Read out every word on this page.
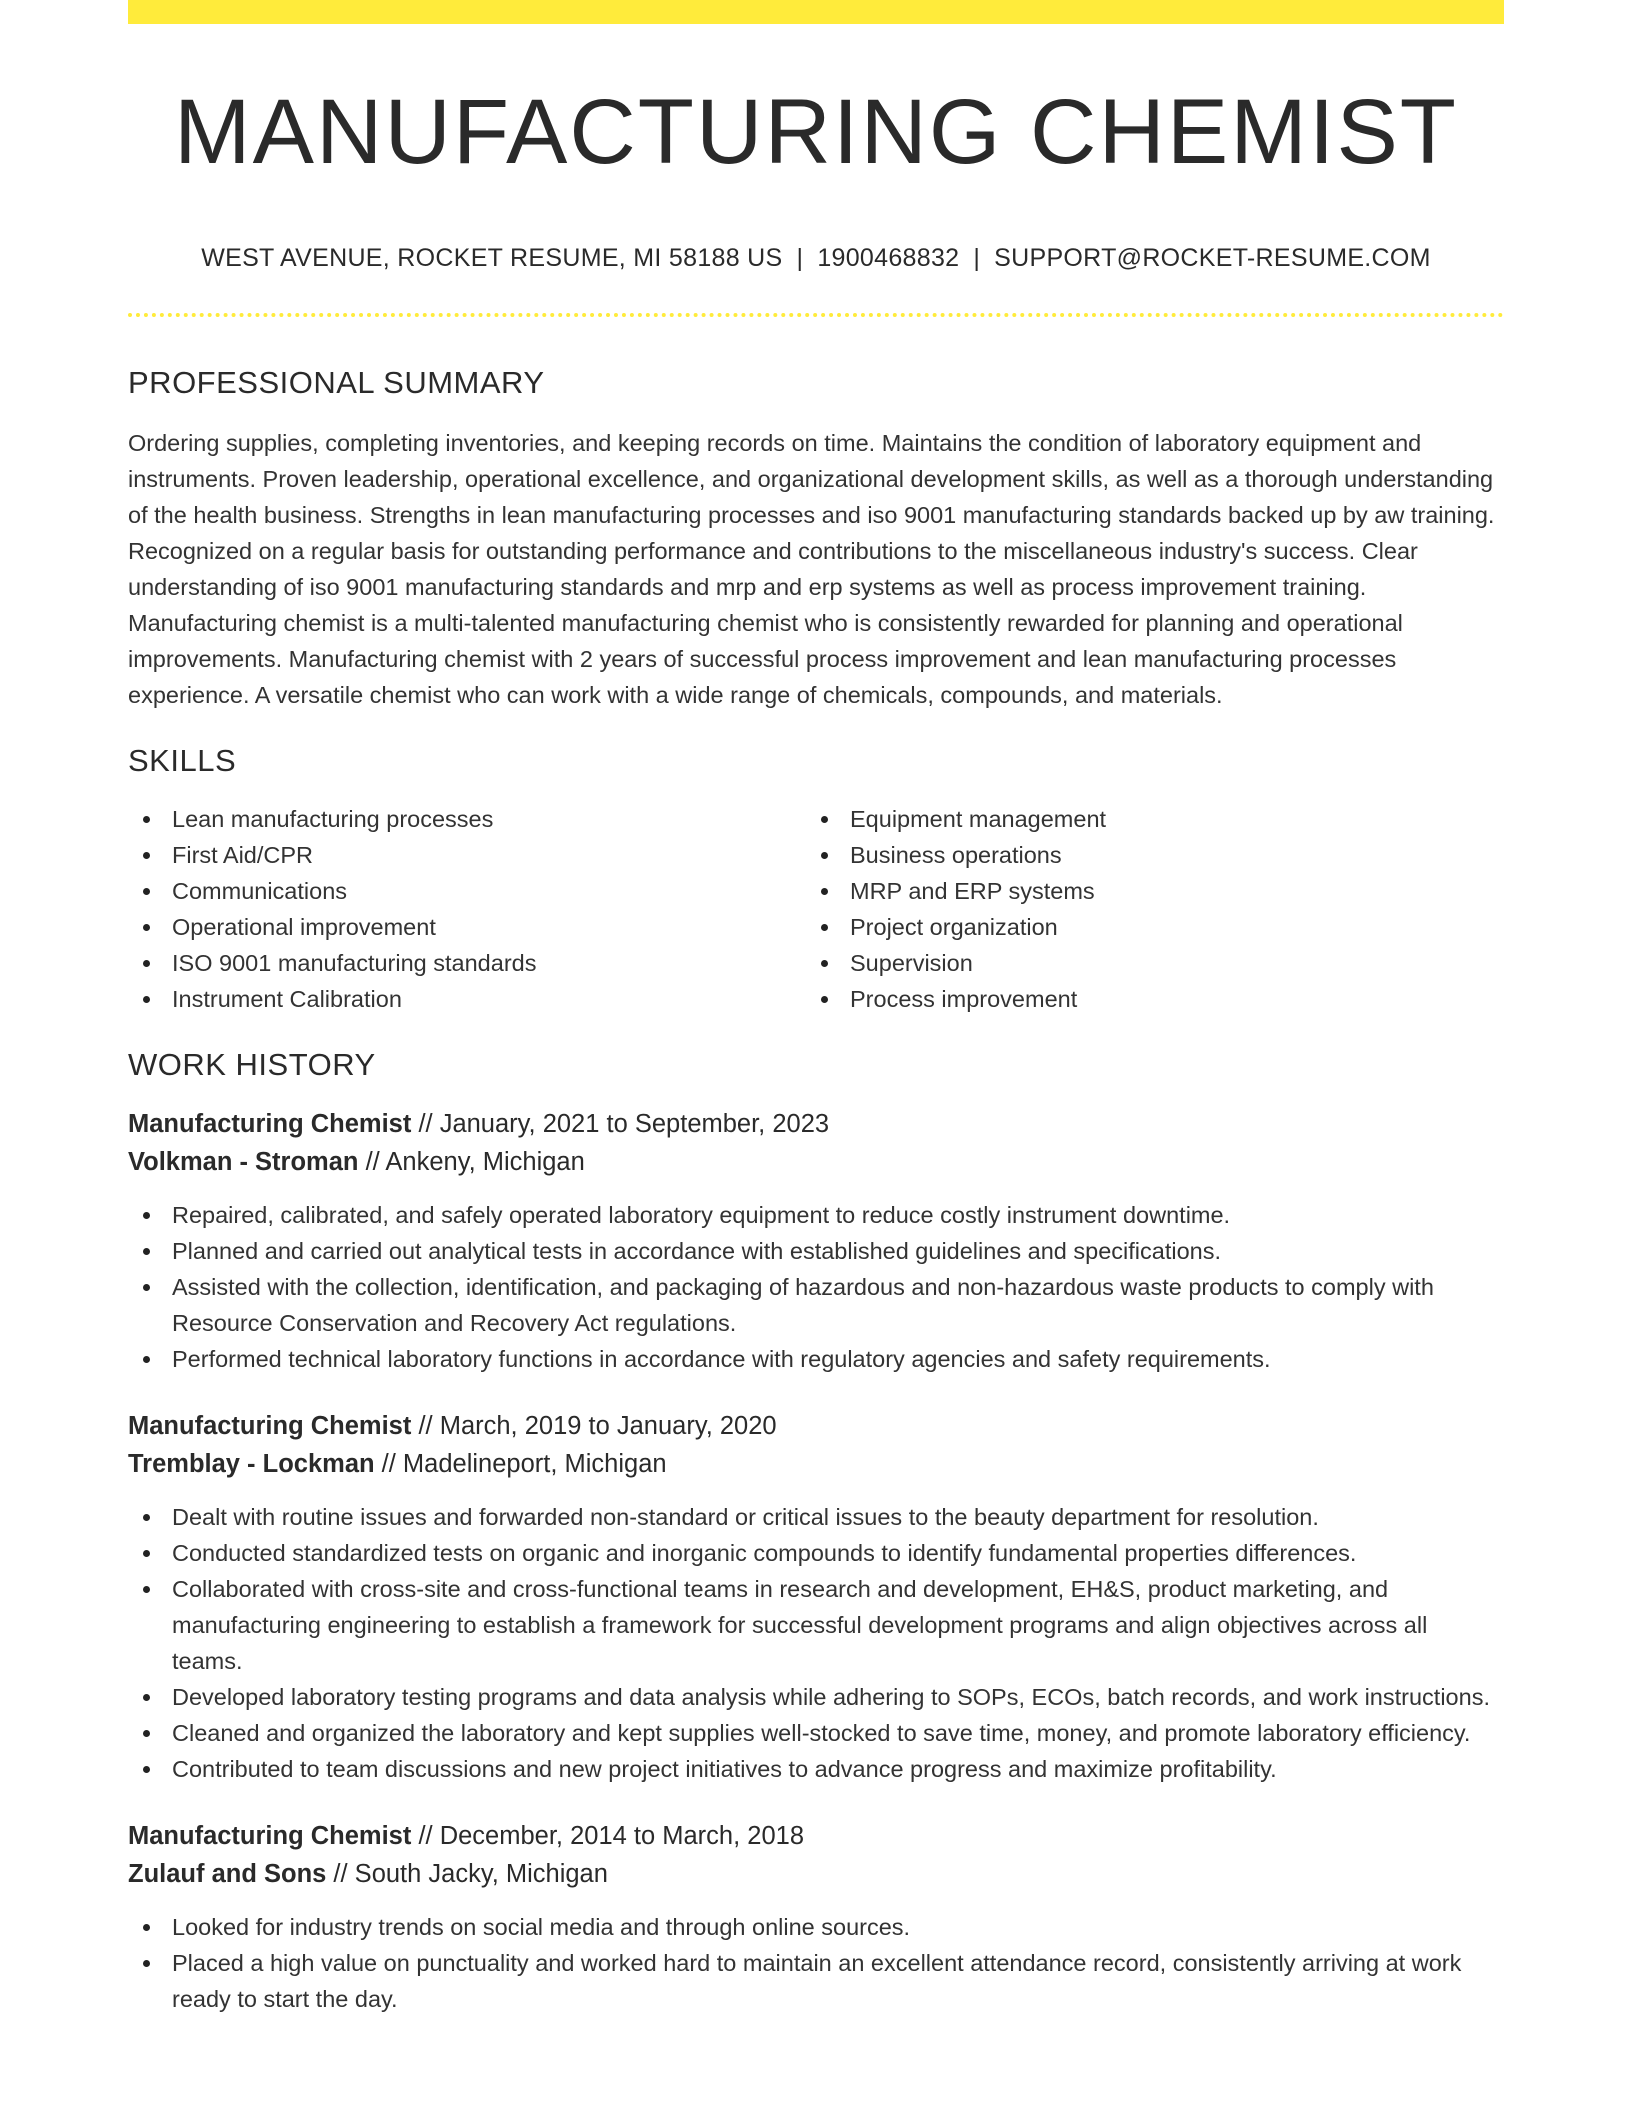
MANUFACTURING CHEMIST
WEST AVENUE, ROCKET RESUME, MI 58188 US | 1900468832 | SUPPORT@ROCKET-RESUME.COM
PROFESSIONAL SUMMARY
Ordering supplies, completing inventories, and keeping records on time. Maintains the condition of laboratory equipment and instruments. Proven leadership, operational excellence, and organizational development skills, as well as a thorough understanding of the health business. Strengths in lean manufacturing processes and iso 9001 manufacturing standards backed up by aw training. Recognized on a regular basis for outstanding performance and contributions to the miscellaneous industry's success. Clear understanding of iso 9001 manufacturing standards and mrp and erp systems as well as process improvement training. Manufacturing chemist is a multi-talented manufacturing chemist who is consistently rewarded for planning and operational improvements. Manufacturing chemist with 2 years of successful process improvement and lean manufacturing processes experience. A versatile chemist who can work with a wide range of chemicals, compounds, and materials.
SKILLS
Lean manufacturing processes
First Aid/CPR
Communications
Operational improvement
ISO 9001 manufacturing standards
Instrument Calibration
Equipment management
Business operations
MRP and ERP systems
Project organization
Supervision
Process improvement
WORK HISTORY
Manufacturing Chemist // January, 2021 to September, 2023
Volkman - Stroman // Ankeny, Michigan
Repaired, calibrated, and safely operated laboratory equipment to reduce costly instrument downtime.
Planned and carried out analytical tests in accordance with established guidelines and specifications.
Assisted with the collection, identification, and packaging of hazardous and non-hazardous waste products to comply with Resource Conservation and Recovery Act regulations.
Performed technical laboratory functions in accordance with regulatory agencies and safety requirements.
Manufacturing Chemist // March, 2019 to January, 2020
Tremblay - Lockman // Madelineport, Michigan
Dealt with routine issues and forwarded non-standard or critical issues to the beauty department for resolution.
Conducted standardized tests on organic and inorganic compounds to identify fundamental properties differences.
Collaborated with cross-site and cross-functional teams in research and development, EH&S, product marketing, and manufacturing engineering to establish a framework for successful development programs and align objectives across all teams.
Developed laboratory testing programs and data analysis while adhering to SOPs, ECOs, batch records, and work instructions.
Cleaned and organized the laboratory and kept supplies well-stocked to save time, money, and promote laboratory efficiency.
Contributed to team discussions and new project initiatives to advance progress and maximize profitability.
Manufacturing Chemist // December, 2014 to March, 2018
Zulauf and Sons // South Jacky, Michigan
Looked for industry trends on social media and through online sources.
Placed a high value on punctuality and worked hard to maintain an excellent attendance record, consistently arriving at work ready to start the day.
